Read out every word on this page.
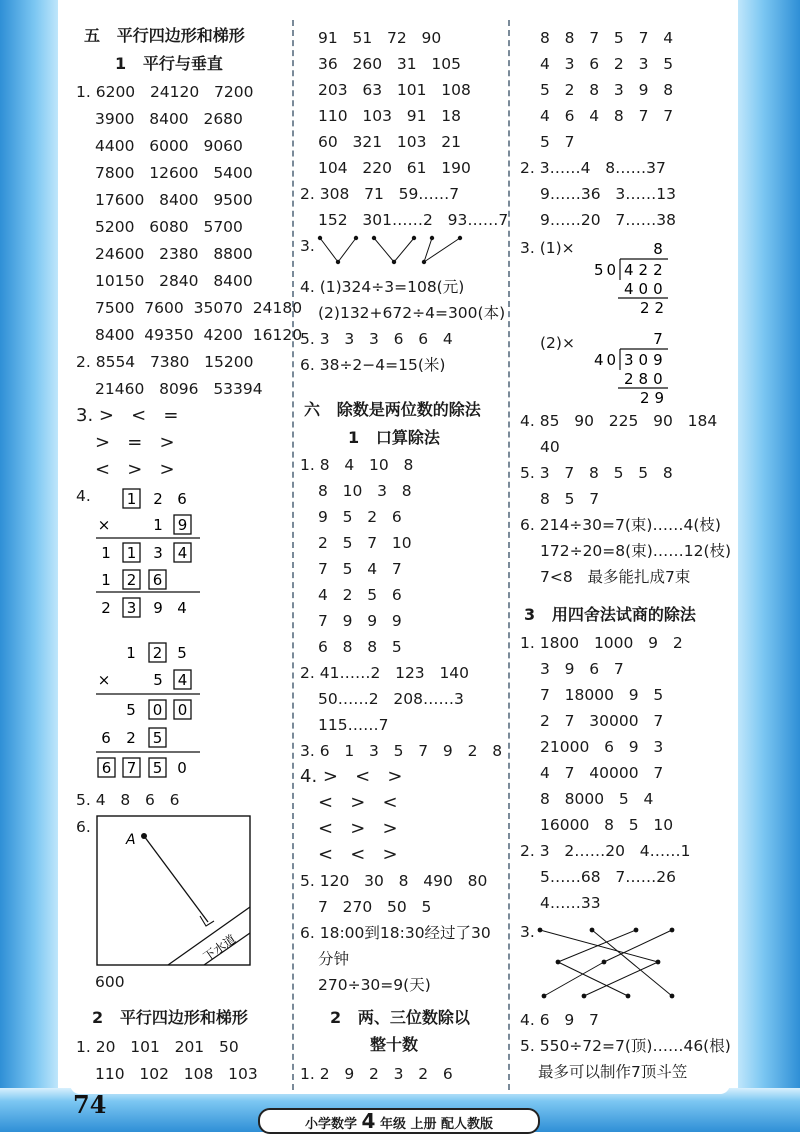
五   平行四边形和梯形
1   平行与垂直
1. 6200   24120   7200
3900   8400   2680
4400   6000   9060
7800   12600   5400
17600   8400   9500
5200   6080   5700
24600   2380   8800
10150   2840   8400
7500  7600  35070  24180
8400  49350  4200  16120
2. 8554   7380   15200
21460   8096   53394
3. >   <   =
>   =   >
<   >   >
4. 1 2 6
×	1 9
1 1 3 4
1 2 6
2 3 9 4
1 2 5
×	5 4
5 0 0
6 2 5
6 7 5 0
5. 4   8   6   6
6.
A
下水道
600
2   平行四边形和梯形
1. 20   101   201   50
110   102   108   103
91   51   72   90
36   260   31   105
203   63   101   108
110   103   91   18
60   321   103   21
104   220   61   190
2. 308   71   59……7
152   301……2   93……7
3.
4. (1)324÷3=108(元)
(2)132+672÷4=300(本)
5. 3   3   3   6   6   4
6. 38÷2−4=15(米)
六   除数是两位数的除法
1   口算除法
1. 8   4   10   8
8   10   3   8
9   5   2   6
2   5   7   10
7   5   4   7
4   2   5   6
7   9   9   9
6   8   8   5
2. 41……2   123   140
50……2   208……3
115……7
3. 6   1   3   5   7   9   2   8
4. >   <   >
<   >   <
<   >   >
<   <   >
5. 120   30   8   490   80
7   270   50   5
6. 18:00到18:30经过了30
分钟
270÷30=9(天)
2   两、三位数除以
整十数
1. 2   9   2   3   2   6
8   8   7   5   7   4
4   3   6   2   3   5
5   2   8   3   9   8
4   6   4   8   7   7
5   7
2. 3……4   8……37
9……36   3……13
9……20   7……38
3. (1)×	8
50 422
400
22
(2)×	7
40 309
280
29
4. 85   90   225   90   184
40
5. 3   7   8   5   5   8
8   5   7
6. 214÷30=7(束)……4(枝)
172÷20=8(束)……12(枝)
7<8   最多能扎成7束
3   用四舍法试商的除法
1. 1800   1000   9   2
3   9   6   7
7   18000   9   5
2   7   30000   7
21000   6   9   3
4   7   40000   7
8   8000   5   4
16000   8   5   10
2. 3   2……20   4……1
5……68   7……26
4……33
3.
4. 6   9   7
5. 550÷72=7(顶)……46(根)
最多可以制作7顶斗笠
74
小学数学 4 年级 上册 配人教版
